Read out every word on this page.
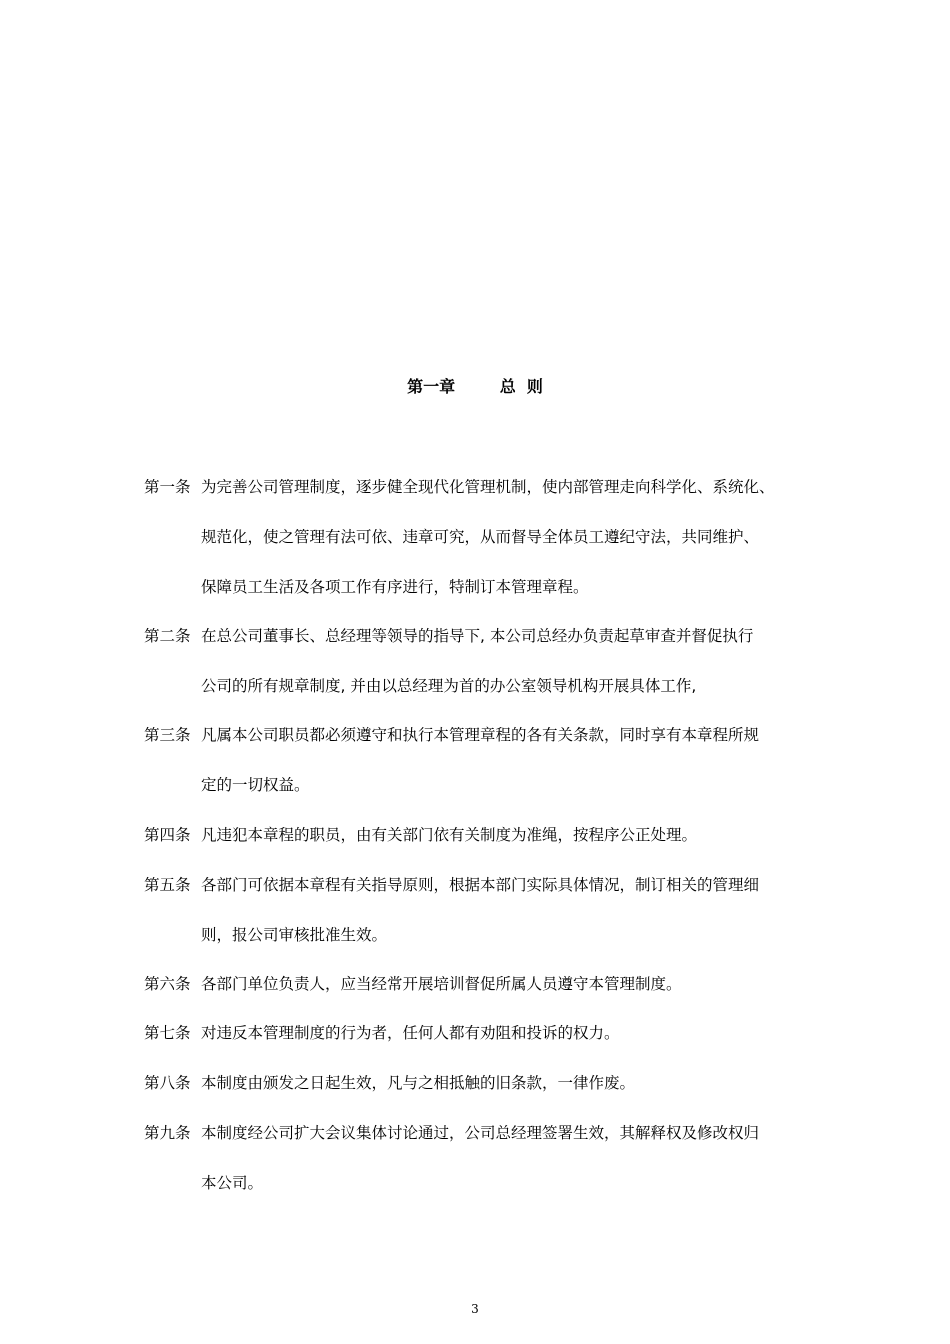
第一章        总  则
第一条 为完善公司管理制度，逐步健全现代化管理机制，使内部管理走向科学化、系统化、
规范化，使之管理有法可依、违章可究，从而督导全体员工遵纪守法，共同维护、
保障员工生活及各项工作有序进行，特制订本管理章程。
第二条 在总公司董事长、总经理等领导的指导下, 本公司总经办负责起草审查并督促执行
公司的所有规章制度, 并由以总经理为首的办公室领导机构开展具体工作,
第三条 凡属本公司职员都必须遵守和执行本管理章程的各有关条款，同时享有本章程所规
定的一切权益。
第四条 凡违犯本章程的职员，由有关部门依有关制度为准绳，按程序公正处理。
第五条 各部门可依据本章程有关指导原则，根据本部门实际具体情况，制订相关的管理细
则，报公司审核批准生效。
第六条 各部门单位负责人，应当经常开展培训督促所属人员遵守本管理制度。
第七条 对违反本管理制度的行为者，任何人都有劝阻和投诉的权力。
第八条 本制度由颁发之日起生效，凡与之相抵触的旧条款，一律作废。
第九条 本制度经公司扩大会议集体讨论通过，公司总经理签署生效，其解释权及修改权归
本公司。
3
